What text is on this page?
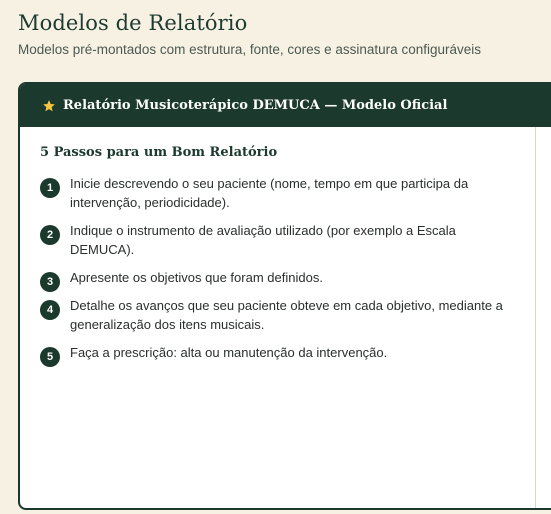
Modelos de Relatório
Modelos pré-montados com estrutura, fonte, cores e assinatura configuráveis
Relatório Musicoterápico DEMUCA — Modelo Oficial
5 Passos para um Bom Relatório
1	Inicie descrevendo o seu paciente (nome, tempo em que participa da intervenção, periodicidade).
2	Indique o instrumento de avaliação utilizado (por exemplo a Escala DEMUCA).
3	Apresente os objetivos que foram definidos.
4	Detalhe os avanços que seu paciente obteve em cada objetivo, mediante a generalização dos itens musicais.
5	Faça a prescrição: alta ou manutenção da intervenção.
